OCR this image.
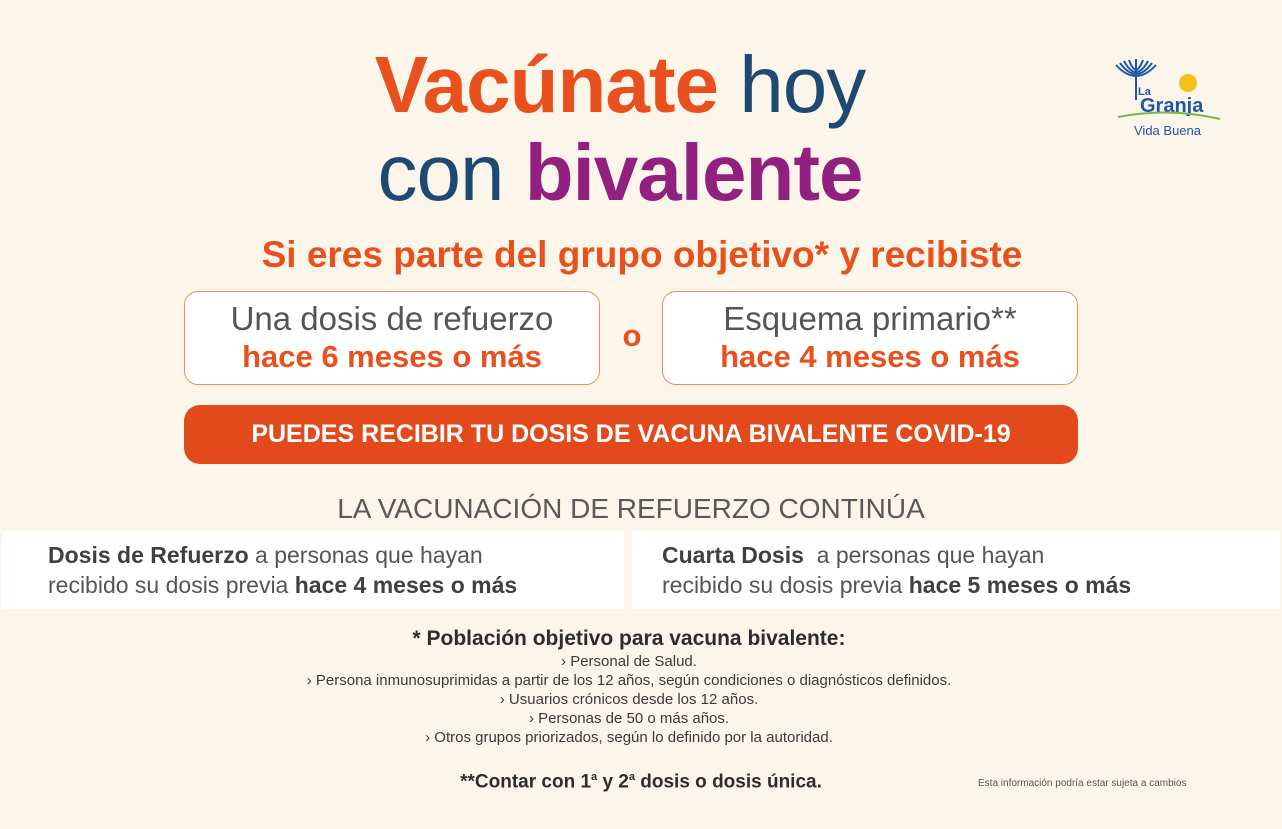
Vacúnate hoy
con bivalente
La
Granja
Vida Buena
Si eres parte del grupo objetivo* y recibiste
Una dosis de refuerzo
hace 6 meses o más
o	Esquema primario**
hace 4 meses o más
PUEDES RECIBIR TU DOSIS DE VACUNA BIVALENTE COVID-19
LA VACUNACIÓN DE REFUERZO CONTINÚA
Dosis de Refuerzo a personas que hayan
recibido su dosis previa hace 4 meses o más
Cuarta Dosis  a personas que hayan
recibido su dosis previa hace 5 meses o más
* Población objetivo para vacuna bivalente:
› Personal de Salud.
› Persona inmunosuprimidas a partir de los 12 años, según condiciones o diagnósticos definidos.
› Usuarios crónicos desde los 12 años.
› Personas de 50 o más años.
› Otros grupos priorizados, según lo definido por la autoridad.
**Contar con 1$^a$ y 2$^a$ dosis o dosis única.	Esta información podría estar sujeta a cambios
